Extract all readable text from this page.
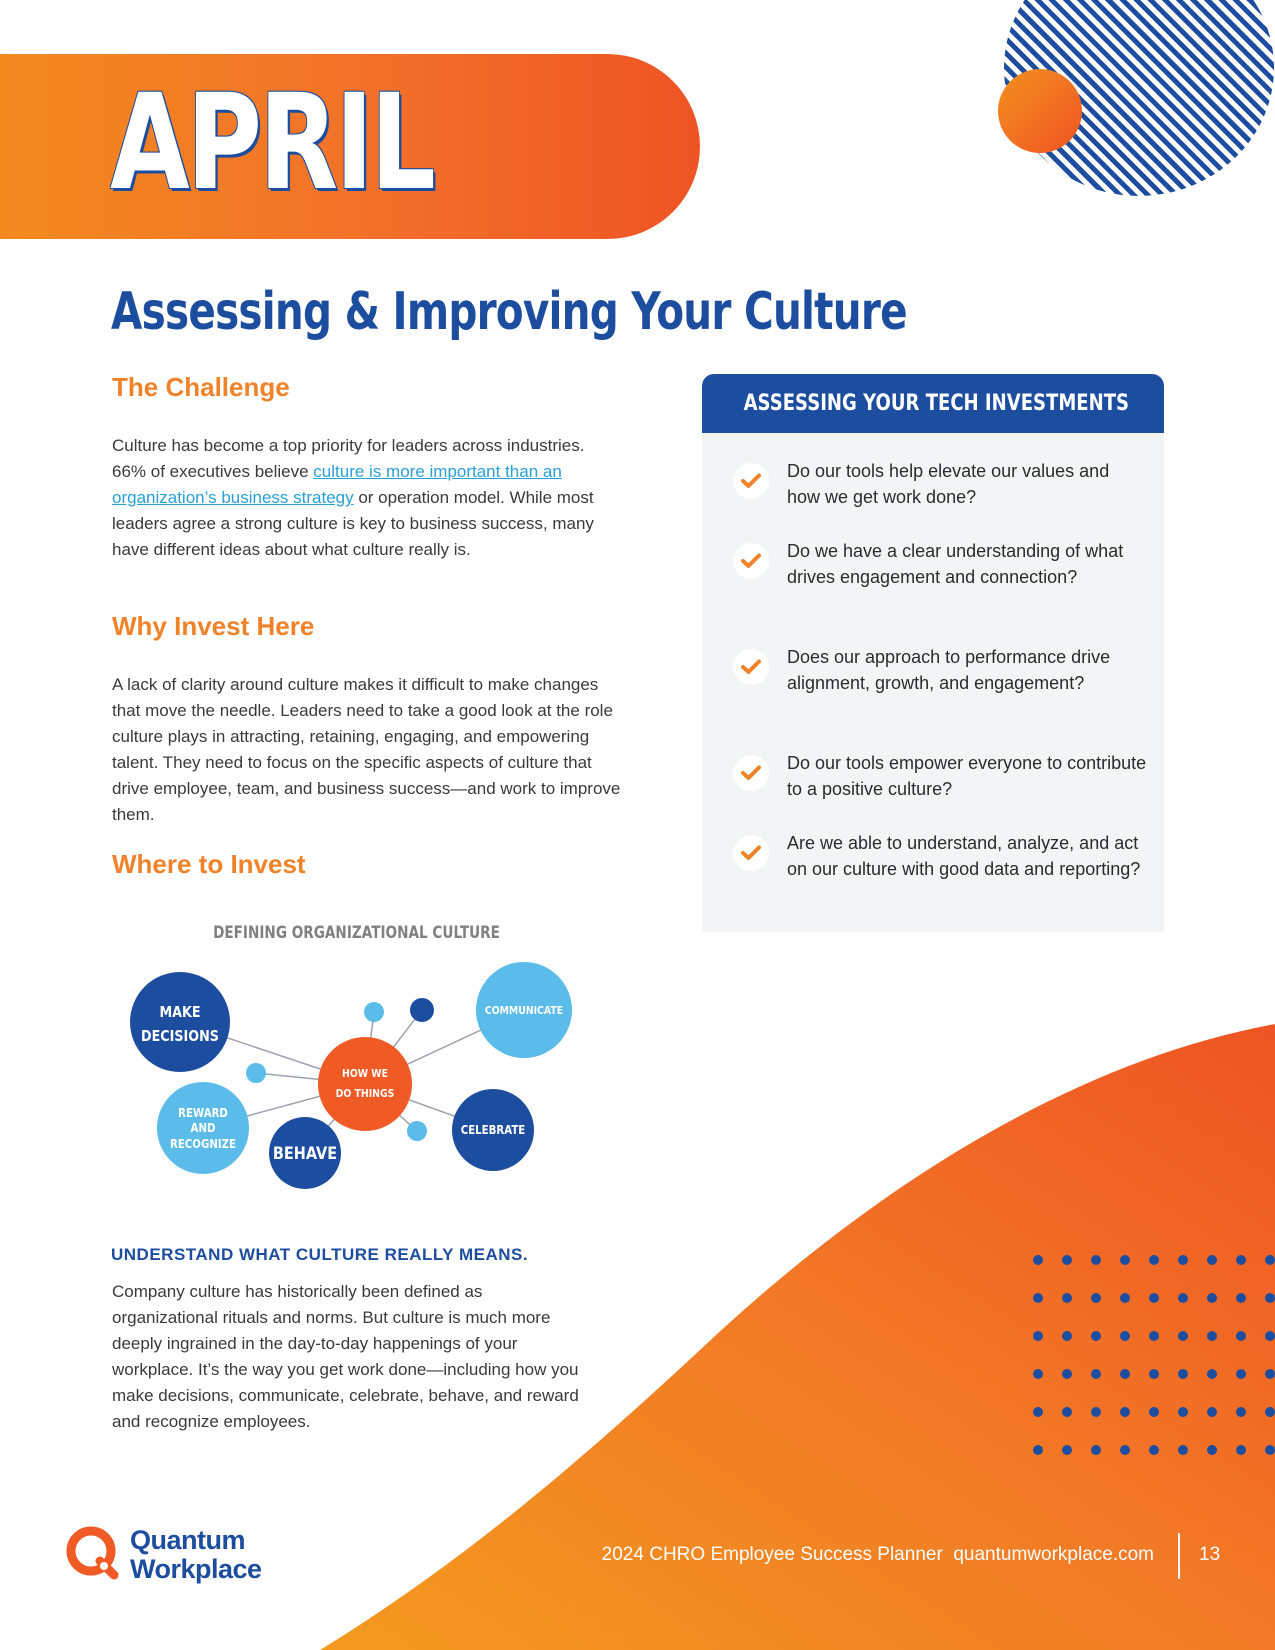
APRIL
Assessing & Improving Your Culture
The Challenge
Culture has become a top priority for leaders across industries. 66% of executives believe culture is more important than an organization’s business strategy or operation model. While most leaders agree a strong culture is key to business success, many have different ideas about what culture really is.
Why Invest Here
A lack of clarity around culture makes it difficult to make changes that move the needle. Leaders need to take a good look at the role culture plays in attracting, retaining, engaging, and empowering talent. They need to focus on the specific aspects of culture that drive employee, team, and business success—and work to improve them.
Where to Invest
DEFINING ORGANIZATIONAL CULTURE
MAKE DECISIONS
COMMUNICATE
CELEBRATE
BEHAVE
REWARD AND RECOGNIZE
HOW WE DO THINGS
UNDERSTAND WHAT CULTURE REALLY MEANS.
Company culture has historically been defined as organizational rituals and norms. But culture is much more deeply ingrained in the day-to-day happenings of your workplace. It’s the way you get work done—including how you make decisions, communicate, celebrate, behave, and reward and recognize employees.
ASSESSING YOUR TECH INVESTMENTS
Do our tools help elevate our values and how we get work done?
Do we have a clear understanding of what drives engagement and connection?
Does our approach to performance drive alignment, growth, and engagement?
Do our tools empower everyone to contribute to a positive culture?
Are we able to understand, analyze, and act on our culture with good data and reporting?
Quantum
Workplace	2024 CHRO Employee Success Planner quantumworkplace.com 13
